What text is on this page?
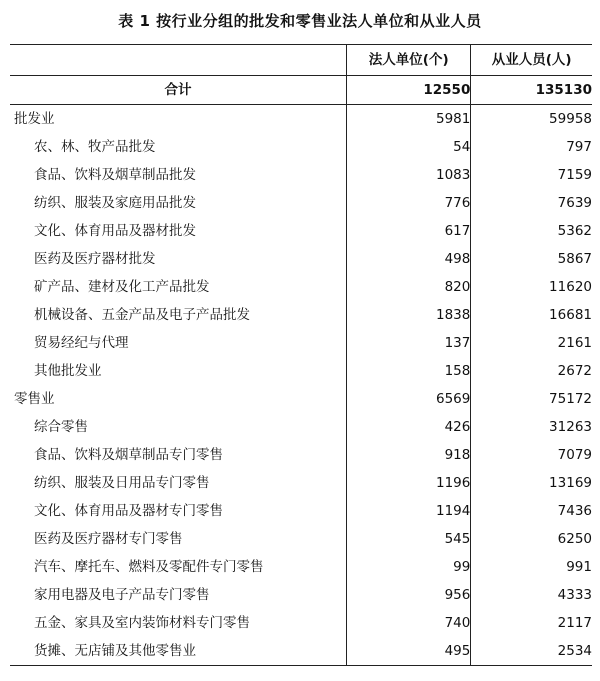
表 1 按行业分组的批发和零售业法人单位和从业人员
	法人单位(个)	从业人员(人)
合计	12550	135130
批发业	5981	59958
农、林、牧产品批发	54	797
食品、饮料及烟草制品批发	1083	7159
纺织、服装及家庭用品批发	776	7639
文化、体育用品及器材批发	617	5362
医药及医疗器材批发	498	5867
矿产品、建材及化工产品批发	820	11620
机械设备、五金产品及电子产品批发	1838	16681
贸易经纪与代理	137	2161
其他批发业	158	2672
零售业	6569	75172
综合零售	426	31263
食品、饮料及烟草制品专门零售	918	7079
纺织、服装及日用品专门零售	1196	13169
文化、体育用品及器材专门零售	1194	7436
医药及医疗器材专门零售	545	6250
汽车、摩托车、燃料及零配件专门零售	99	991
家用电器及电子产品专门零售	956	4333
五金、家具及室内装饰材料专门零售	740	2117
货摊、无店铺及其他零售业	495	2534
